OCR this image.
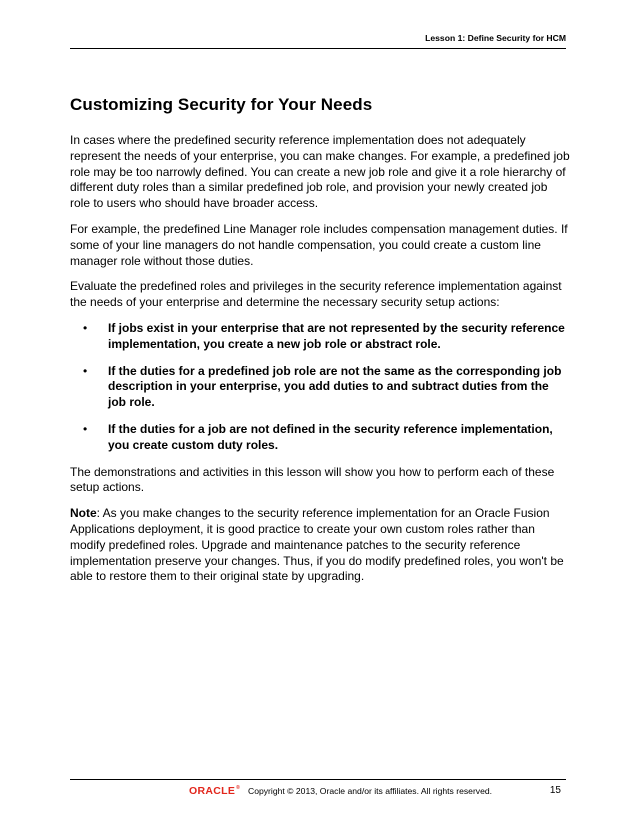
Lesson 1: Define Security for HCM
Customizing Security for Your Needs

In cases where the predefined security reference implementation does not adequately represent the needs of your enterprise, you can make changes. For example, a predefined job role may be too narrowly defined. You can create a new job role and give it a role hierarchy of different duty roles than a similar predefined job role, and provision your newly created job role to users who should have broader access.

For example, the predefined Line Manager role includes compensation management duties. If some of your line managers do not handle compensation, you could create a custom line manager role without those duties.

Evaluate the predefined roles and privileges in the security reference implementation against the needs of your enterprise and determine the necessary security setup actions:

• If jobs exist in your enterprise that are not represented by the security reference implementation, you create a new job role or abstract role.
• If the duties for a predefined job role are not the same as the corresponding job description in your enterprise, you add duties to and subtract duties from the job role.
• If the duties for a job are not defined in the security reference implementation, you create custom duty roles.

The demonstrations and activities in this lesson will show you how to perform each of these setup actions.

Note: As you make changes to the security reference implementation for an Oracle Fusion Applications deployment, it is good practice to create your own custom roles rather than modify predefined roles. Upgrade and maintenance patches to the security reference implementation preserve your changes. Thus, if you do modify predefined roles, you won't be able to restore them to their original state by upgrading.

ORACLE® Copyright © 2013, Oracle and/or its affiliates. All rights reserved.	15
